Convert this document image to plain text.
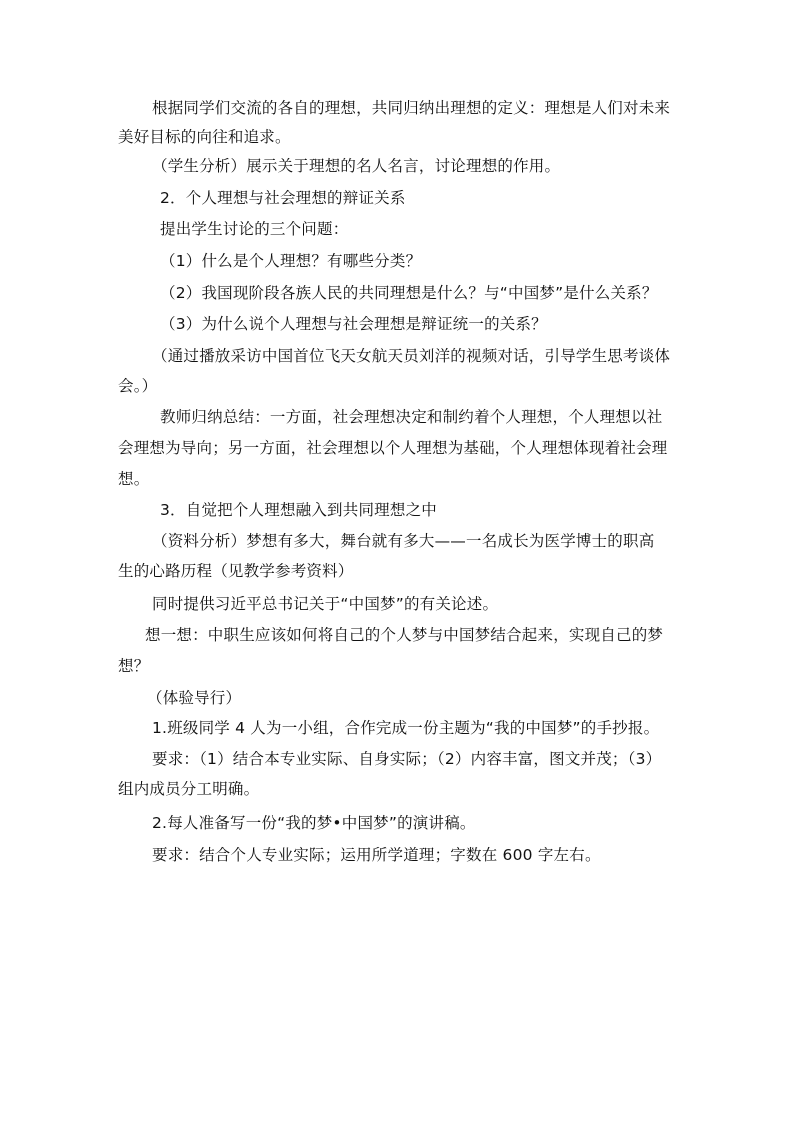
根据同学们交流的各自的理想，共同归纳出理想的定义：理想是人们对未来
美好目标的向往和追求。
（学生分析）展示关于理想的名人名言，讨论理想的作用。
2．个人理想与社会理想的辩证关系
提出学生讨论的三个问题：
（1）什么是个人理想？有哪些分类？
（2）我国现阶段各族人民的共同理想是什么？与“中国梦”是什么关系？
（3）为什么说个人理想与社会理想是辩证统一的关系？
（通过播放采访中国首位飞天女航天员刘洋的视频对话，引导学生思考谈体
会。）
教师归纳总结：一方面，社会理想决定和制约着个人理想，个人理想以社
会理想为导向；另一方面，社会理想以个人理想为基础，个人理想体现着社会理
想。
3．自觉把个人理想融入到共同理想之中
（资料分析）梦想有多大，舞台就有多大——一名成长为医学博士的职高
生的心路历程（见教学参考资料）
同时提供习近平总书记关于“中国梦”的有关论述。
想一想：中职生应该如何将自己的个人梦与中国梦结合起来，实现自己的梦
想？
（体验导行）
1.班级同学 4 人为一小组，合作完成一份主题为“我的中国梦”的手抄报。
要求：（1）结合本专业实际、自身实际；（2）内容丰富，图文并茂；（3）
组内成员分工明确。
2.每人准备写一份“我的梦•中国梦”的演讲稿。
要求：结合个人专业实际；运用所学道理；字数在 600 字左右。
